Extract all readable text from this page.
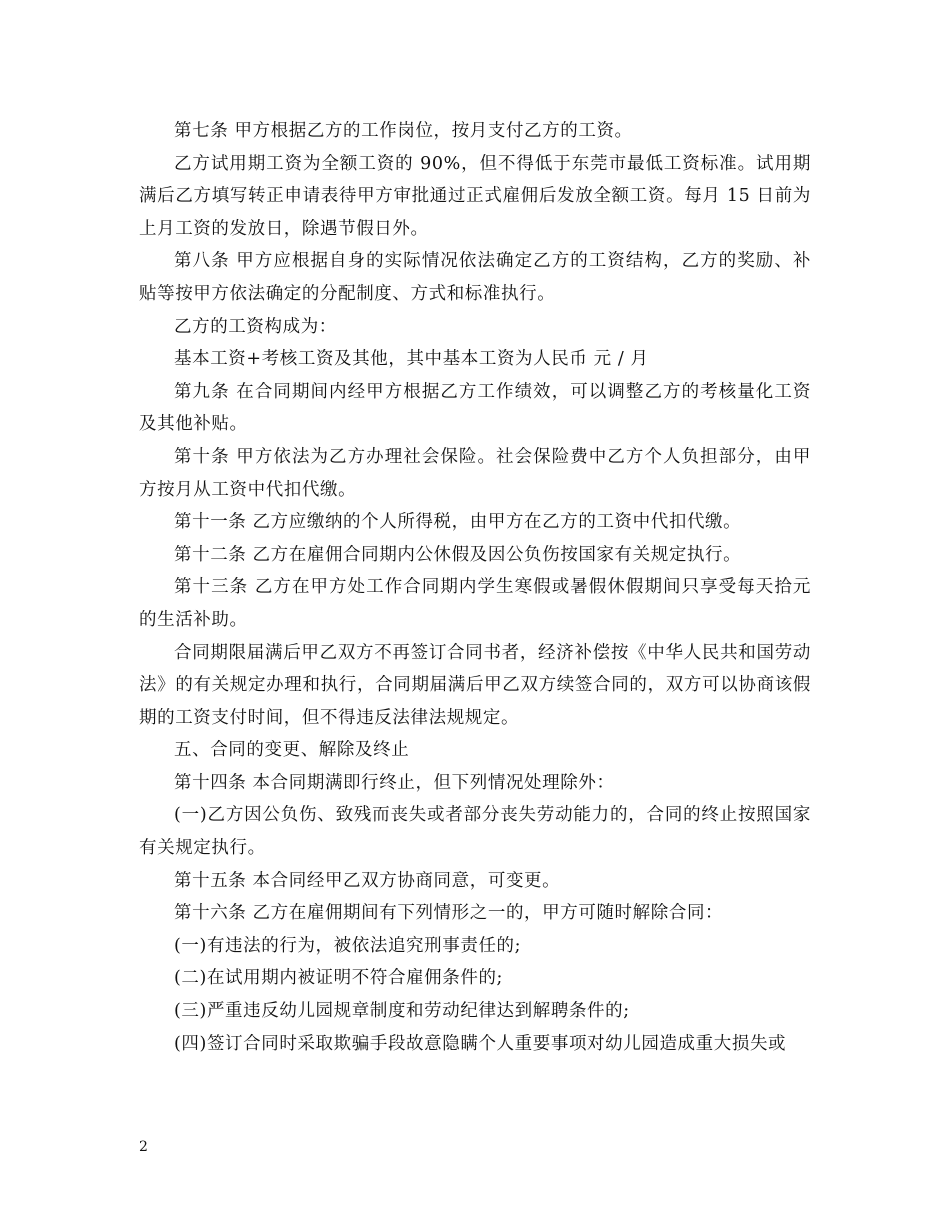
第七条 甲方根据乙方的工作岗位，按月支付乙方的工资。

乙方试用期工资为全额工资的 90%，但不得低于东莞市最低工资标准。试用期满后乙方填写转正申请表待甲方审批通过正式雇佣后发放全额工资。每月 15 日前为上月工资的发放日，除遇节假日外。

第八条 甲方应根据自身的实际情况依法确定乙方的工资结构，乙方的奖励、补贴等按甲方依法确定的分配制度、方式和标准执行。

乙方的工资构成为：

基本工资+考核工资及其他，其中基本工资为人民币 元 / 月

第九条 在合同期间内经甲方根据乙方工作绩效，可以调整乙方的考核量化工资及其他补贴。

第十条 甲方依法为乙方办理社会保险。社会保险费中乙方个人负担部分，由甲方按月从工资中代扣代缴。

第十一条 乙方应缴纳的个人所得税，由甲方在乙方的工资中代扣代缴。

第十二条 乙方在雇佣合同期内公休假及因公负伤按国家有关规定执行。

第十三条 乙方在甲方处工作合同期内学生寒假或暑假休假期间只享受每天拾元的生活补助。

合同期限届满后甲乙双方不再签订合同书者，经济补偿按《中华人民共和国劳动法》的有关规定办理和执行，合同期届满后甲乙双方续签合同的，双方可以协商该假期的工资支付时间，但不得违反法律法规规定。

五、合同的变更、解除及终止

第十四条 本合同期满即行终止，但下列情况处理除外：

(一)乙方因公负伤、致残而丧失或者部分丧失劳动能力的，合同的终止按照国家有关规定执行。

第十五条 本合同经甲乙双方协商同意，可变更。

第十六条 乙方在雇佣期间有下列情形之一的，甲方可随时解除合同：

(一)有违法的行为，被依法追究刑事责任的;

(二)在试用期内被证明不符合雇佣条件的;

(三)严重违反幼儿园规章制度和劳动纪律达到解聘条件的;

(四)签订合同时采取欺骗手段故意隐瞒个人重要事项对幼儿园造成重大损失或

2
